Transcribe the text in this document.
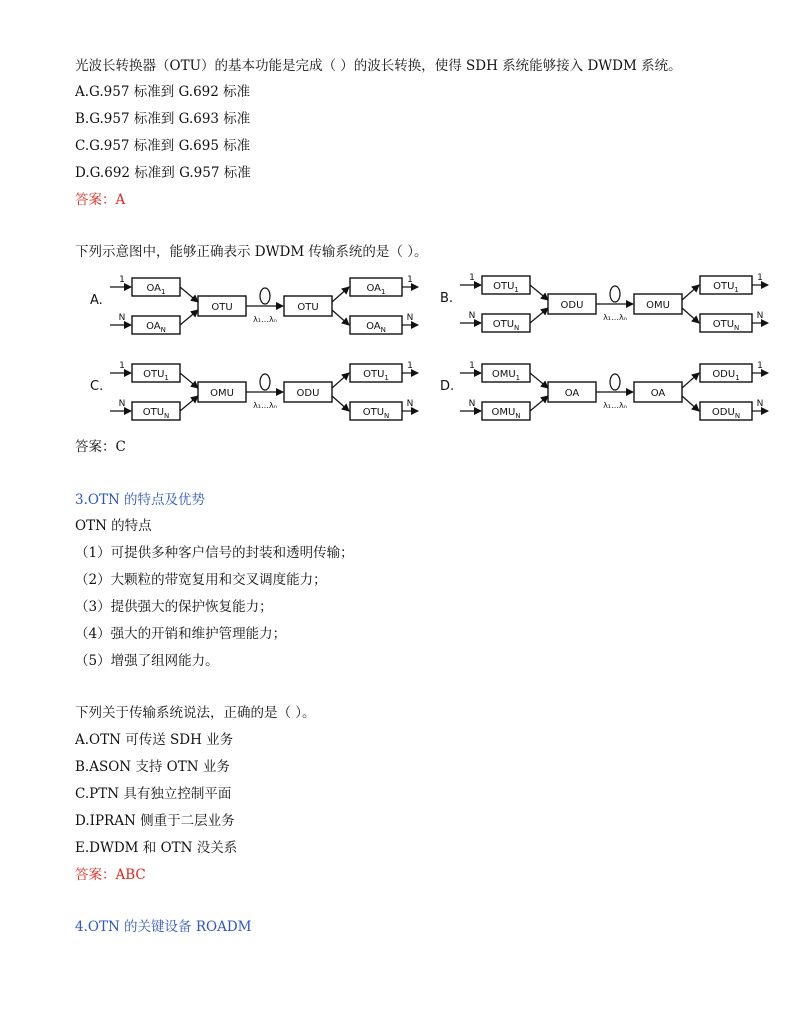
光波长转换器（OTU）的基本功能是完成（ ）的波长转换，使得 SDH 系统能够接入 DWDM 系统。
A.G.957 标准到 G.692 标准
B.G.957 标准到 G.693 标准
C.G.957 标准到 G.695 标准
D.G.692 标准到 G.957 标准
答案：A
下列示意图中，能够正确表示 DWDM 传输系统的是（ ）。
A.
$OA_1$
$OA_N$
1
N
OTU	OTU
λ₁…λₙ
$OA_1$
$OA_N$
1
N
B.
$OTU_1$
$OTU_N$
1
N
ODU	OMU
λ₁…λₙ
$OTU_1$
$OTU_N$
1
N
C.
$OTU_1$
$OTU_N$
1
N
OMU	ODU
λ₁…λₙ
$OTU_1$
$OTU_N$
1
N
D.
$OMU_1$
$OMU_N$
1
N
OA	OA
λ₁…λₙ
$ODU_1$
$ODU_N$
1
N
答案：C
3.OTN 的特点及优势
OTN 的特点
（1）可提供多种客户信号的封装和透明传输；
（2）大颗粒的带宽复用和交叉调度能力；
（3）提供强大的保护恢复能力；
（4）强大的开销和维护管理能力；
（5）增强了组网能力。
下列关于传输系统说法，正确的是（ ）。
A.OTN 可传送 SDH 业务
B.ASON 支持 OTN 业务
C.PTN 具有独立控制平面
D.IPRAN 侧重于二层业务
E.DWDM 和 OTN 没关系
答案：ABC
4.OTN 的关键设备 ROADM
